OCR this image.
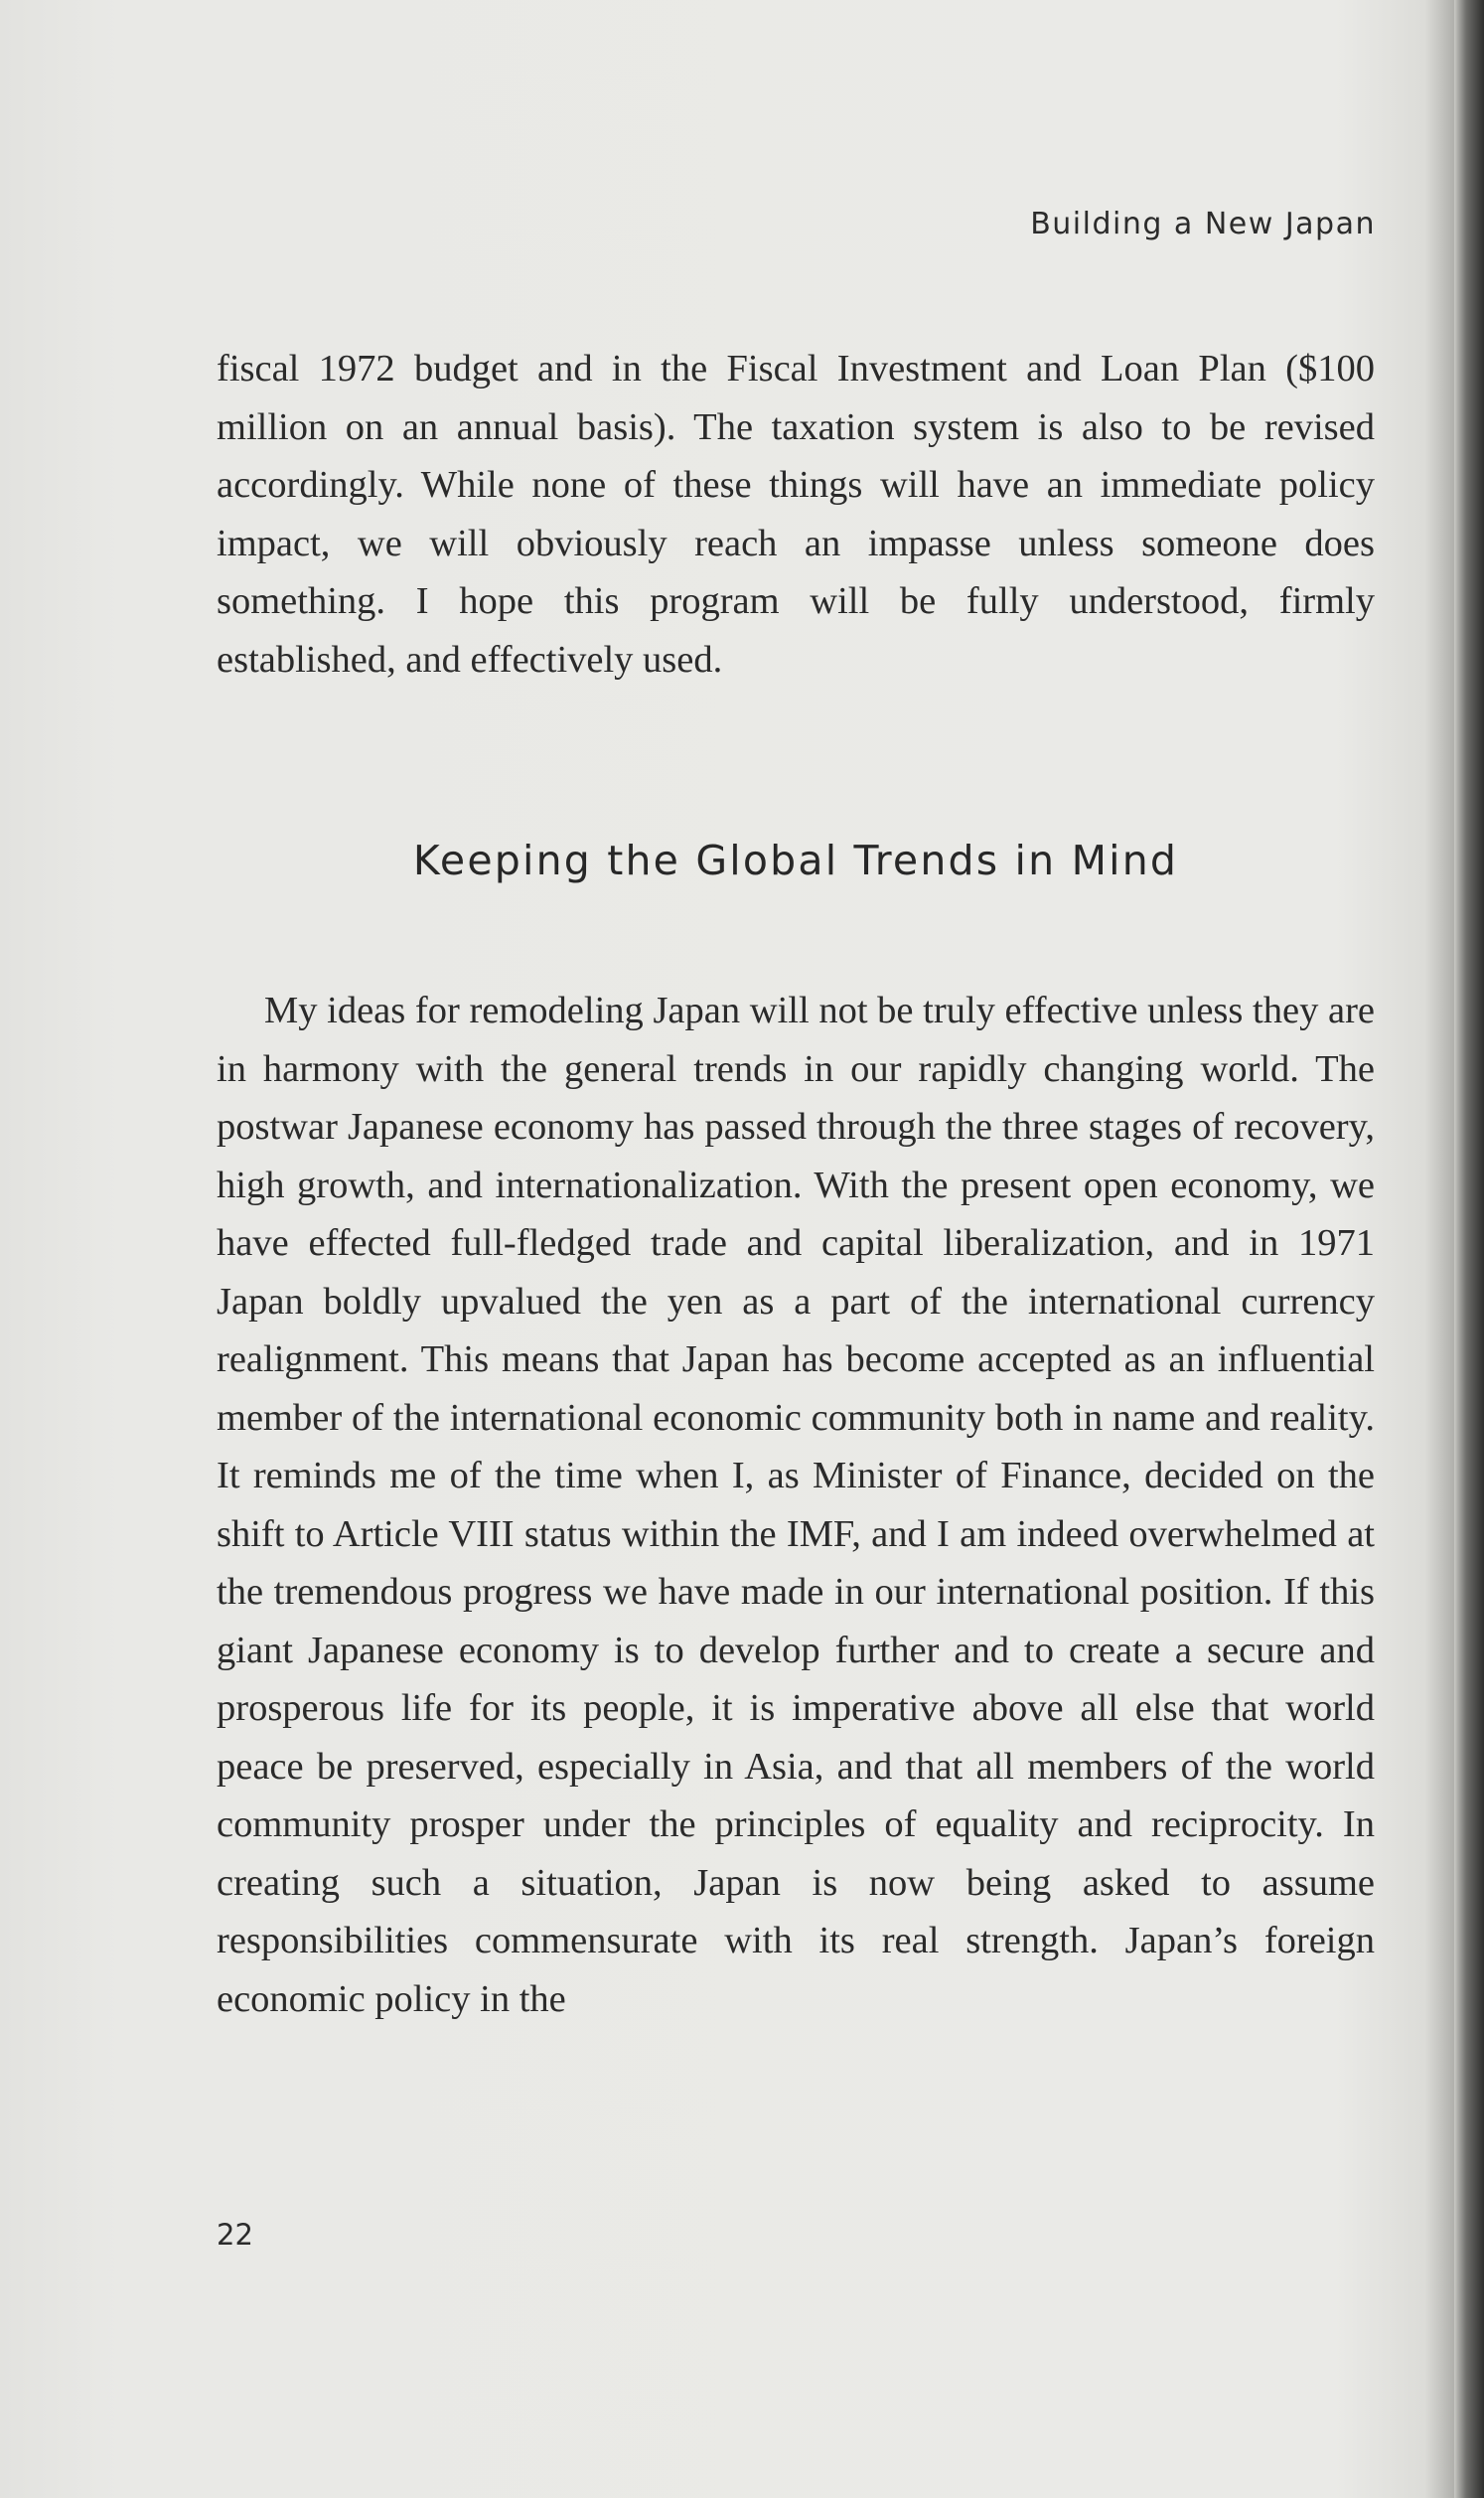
Building a New Japan
fiscal 1972 budget and in the Fiscal Investment and Loan Plan ($100 million on an annual basis). The taxation system is also to be revised accordingly. While none of these things will have an immediate policy impact, we will obviously reach an impasse unless someone does something. I hope this program will be fully understood, firmly established, and effectively used.
Keeping the Global Trends in Mind
My ideas for remodeling Japan will not be truly effective unless they are in harmony with the general trends in our rapidly changing world. The postwar Japanese economy has passed through the three stages of recovery, high growth, and internationalization. With the present open economy, we have effected full-fledged trade and capital liberalization, and in 1971 Japan boldly upvalued the yen as a part of the international currency realignment. This means that Japan has become accepted as an influential member of the international economic community both in name and reality. It reminds me of the time when I, as Minister of Finance, decided on the shift to Article VIII status within the IMF, and I am indeed overwhelmed at the tremendous progress we have made in our international position. If this giant Japanese economy is to develop further and to create a secure and prosperous life for its people, it is imperative above all else that world peace be preserved, especially in Asia, and that all members of the world community prosper under the principles of equality and reciprocity. In creating such a situation, Japan is now being asked to assume responsibilities commensurate with its real strength. Japan’s foreign economic policy in the
22
